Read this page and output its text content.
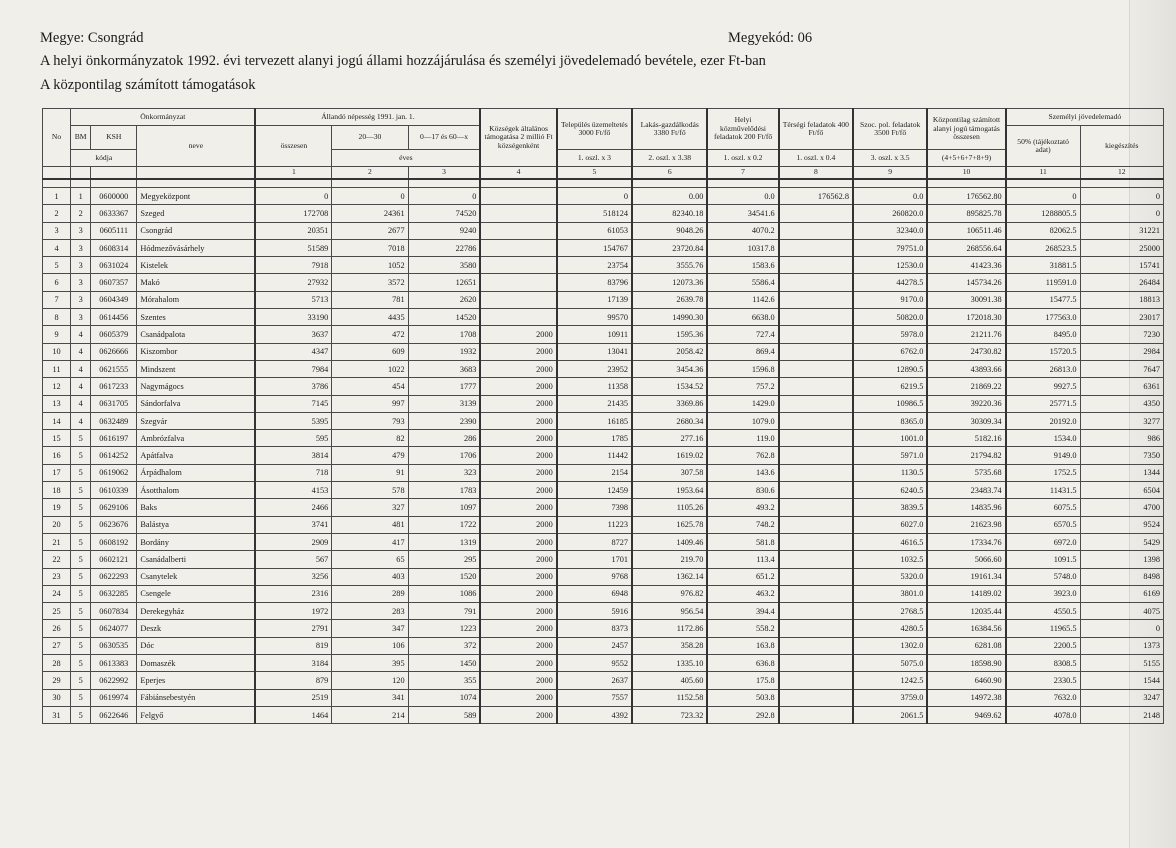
Megye: Csongrád	Megyekód: 06
A helyi önkormányzatok 1992. évi tervezett alanyi jogú állami hozzájárulása és személyi jövedelemadó bevétele, ezer Ft-ban
A központilag számított támogatások
No	Önkormányzat			Állandó népesség 1991. jan. 1.			Községek általános támogatása 2 millió Ft községenként	Település üzemeltetés 3000 Ft/fő	Lakás-gazdálkodás 3380 Ft/fő	Helyi közművelődési feladatok 200 Ft/fő	Térségi feladatok 400 Ft/fő	Szoc. pol. feladatok 3500 Ft/fő	Központilag számított alanyi jogú támogatás összesen	Személyi jövedelemadó	
	BM	KSH	neve	összesen	20—30	0—17 és 60—x								50% (tájékoztató adat)	kiegészítés
	kódja				éves			1. oszl. x 3	2. oszl. x 3.38	1. oszl. x 0.2	1. oszl. x 0.4	3. oszl. x 3.5	(4+5+6+7+8+9)		
				1	2	3	4	5	6	7	8	9	10	11	12

1	1	0600000	Megyeközpont	0	0	0		0	0.00	0.0	176562.8	0.0	176562.80	0	0
2	2	0633367	Szeged	172708	24361	74520		518124	82340.18	34541.6		260820.0	895825.78	1288805.5	0
3	3	0605111	Csongrád	20351	2677	9240		61053	9048.26	4070.2		32340.0	106511.46	82062.5	31221
4	3	0608314	Hódmezővásárhely	51589	7018	22786		154767	23720.84	10317.8		79751.0	268556.64	268523.5	25000
5	3	0631024	Kistelek	7918	1052	3580		23754	3555.76	1583.6		12530.0	41423.36	31881.5	15741
6	3	0607357	Makó	27932	3572	12651		83796	12073.36	5586.4		44278.5	145734.26	119591.0	26484
7	3	0604349	Mórahalom	5713	781	2620		17139	2639.78	1142.6		9170.0	30091.38	15477.5	18813
8	3	0614456	Szentes	33190	4435	14520		99570	14990.30	6638.0		50820.0	172018.30	177563.0	23017
9	4	0605379	Csanádpalota	3637	472	1708	2000	10911	1595.36	727.4		5978.0	21211.76	8495.0	7230
10	4	0626666	Kiszombor	4347	609	1932	2000	13041	2058.42	869.4		6762.0	24730.82	15720.5	2984
11	4	0621555	Mindszent	7984	1022	3683	2000	23952	3454.36	1596.8		12890.5	43893.66	26813.0	7647
12	4	0617233	Nagymágocs	3786	454	1777	2000	11358	1534.52	757.2		6219.5	21869.22	9927.5	6361
13	4	0631705	Sándorfalva	7145	997	3139	2000	21435	3369.86	1429.0		10986.5	39220.36	25771.5	4350
14	4	0632489	Szegvár	5395	793	2390	2000	16185	2680.34	1079.0		8365.0	30309.34	20192.0	3277
15	5	0616197	Ambrózfalva	595	82	286	2000	1785	277.16	119.0		1001.0	5182.16	1534.0	986
16	5	0614252	Apátfalva	3814	479	1706	2000	11442	1619.02	762.8		5971.0	21794.82	9149.0	7350
17	5	0619062	Árpádhalom	718	91	323	2000	2154	307.58	143.6		1130.5	5735.68	1752.5	1344
18	5	0610339	Ásotthalom	4153	578	1783	2000	12459	1953.64	830.6		6240.5	23483.74	11431.5	6504
19	5	0629106	Baks	2466	327	1097	2000	7398	1105.26	493.2		3839.5	14835.96	6075.5	4700
20	5	0623676	Balástya	3741	481	1722	2000	11223	1625.78	748.2		6027.0	21623.98	6570.5	9524
21	5	0608192	Bordány	2909	417	1319	2000	8727	1409.46	581.8		4616.5	17334.76	6972.0	5429
22	5	0602121	Csanádalberti	567	65	295	2000	1701	219.70	113.4		1032.5	5066.60	1091.5	1398
23	5	0622293	Csanytelek	3256	403	1520	2000	9768	1362.14	651.2		5320.0	19161.34	5748.0	8498
24	5	0632285	Csengele	2316	289	1086	2000	6948	976.82	463.2		3801.0	14189.02	3923.0	6169
25	5	0607834	Derekegyház	1972	283	791	2000	5916	956.54	394.4		2768.5	12035.44	4550.5	4075
26	5	0624077	Deszk	2791	347	1223	2000	8373	1172.86	558.2		4280.5	16384.56	11965.5	0
27	5	0630535	Dóc	819	106	372	2000	2457	358.28	163.8		1302.0	6281.08	2200.5	1373
28	5	0613383	Domaszék	3184	395	1450	2000	9552	1335.10	636.8		5075.0	18598.90	8308.5	5155
29	5	0622992	Eperjes	879	120	355	2000	2637	405.60	175.8		1242.5	6460.90	2330.5	1544
30	5	0619974	Fábiánsebestyén	2519	341	1074	2000	7557	1152.58	503.8		3759.0	14972.38	7632.0	3247
31	5	0622646	Felgyő	1464	214	589	2000	4392	723.32	292.8		2061.5	9469.62	4078.0	2148
